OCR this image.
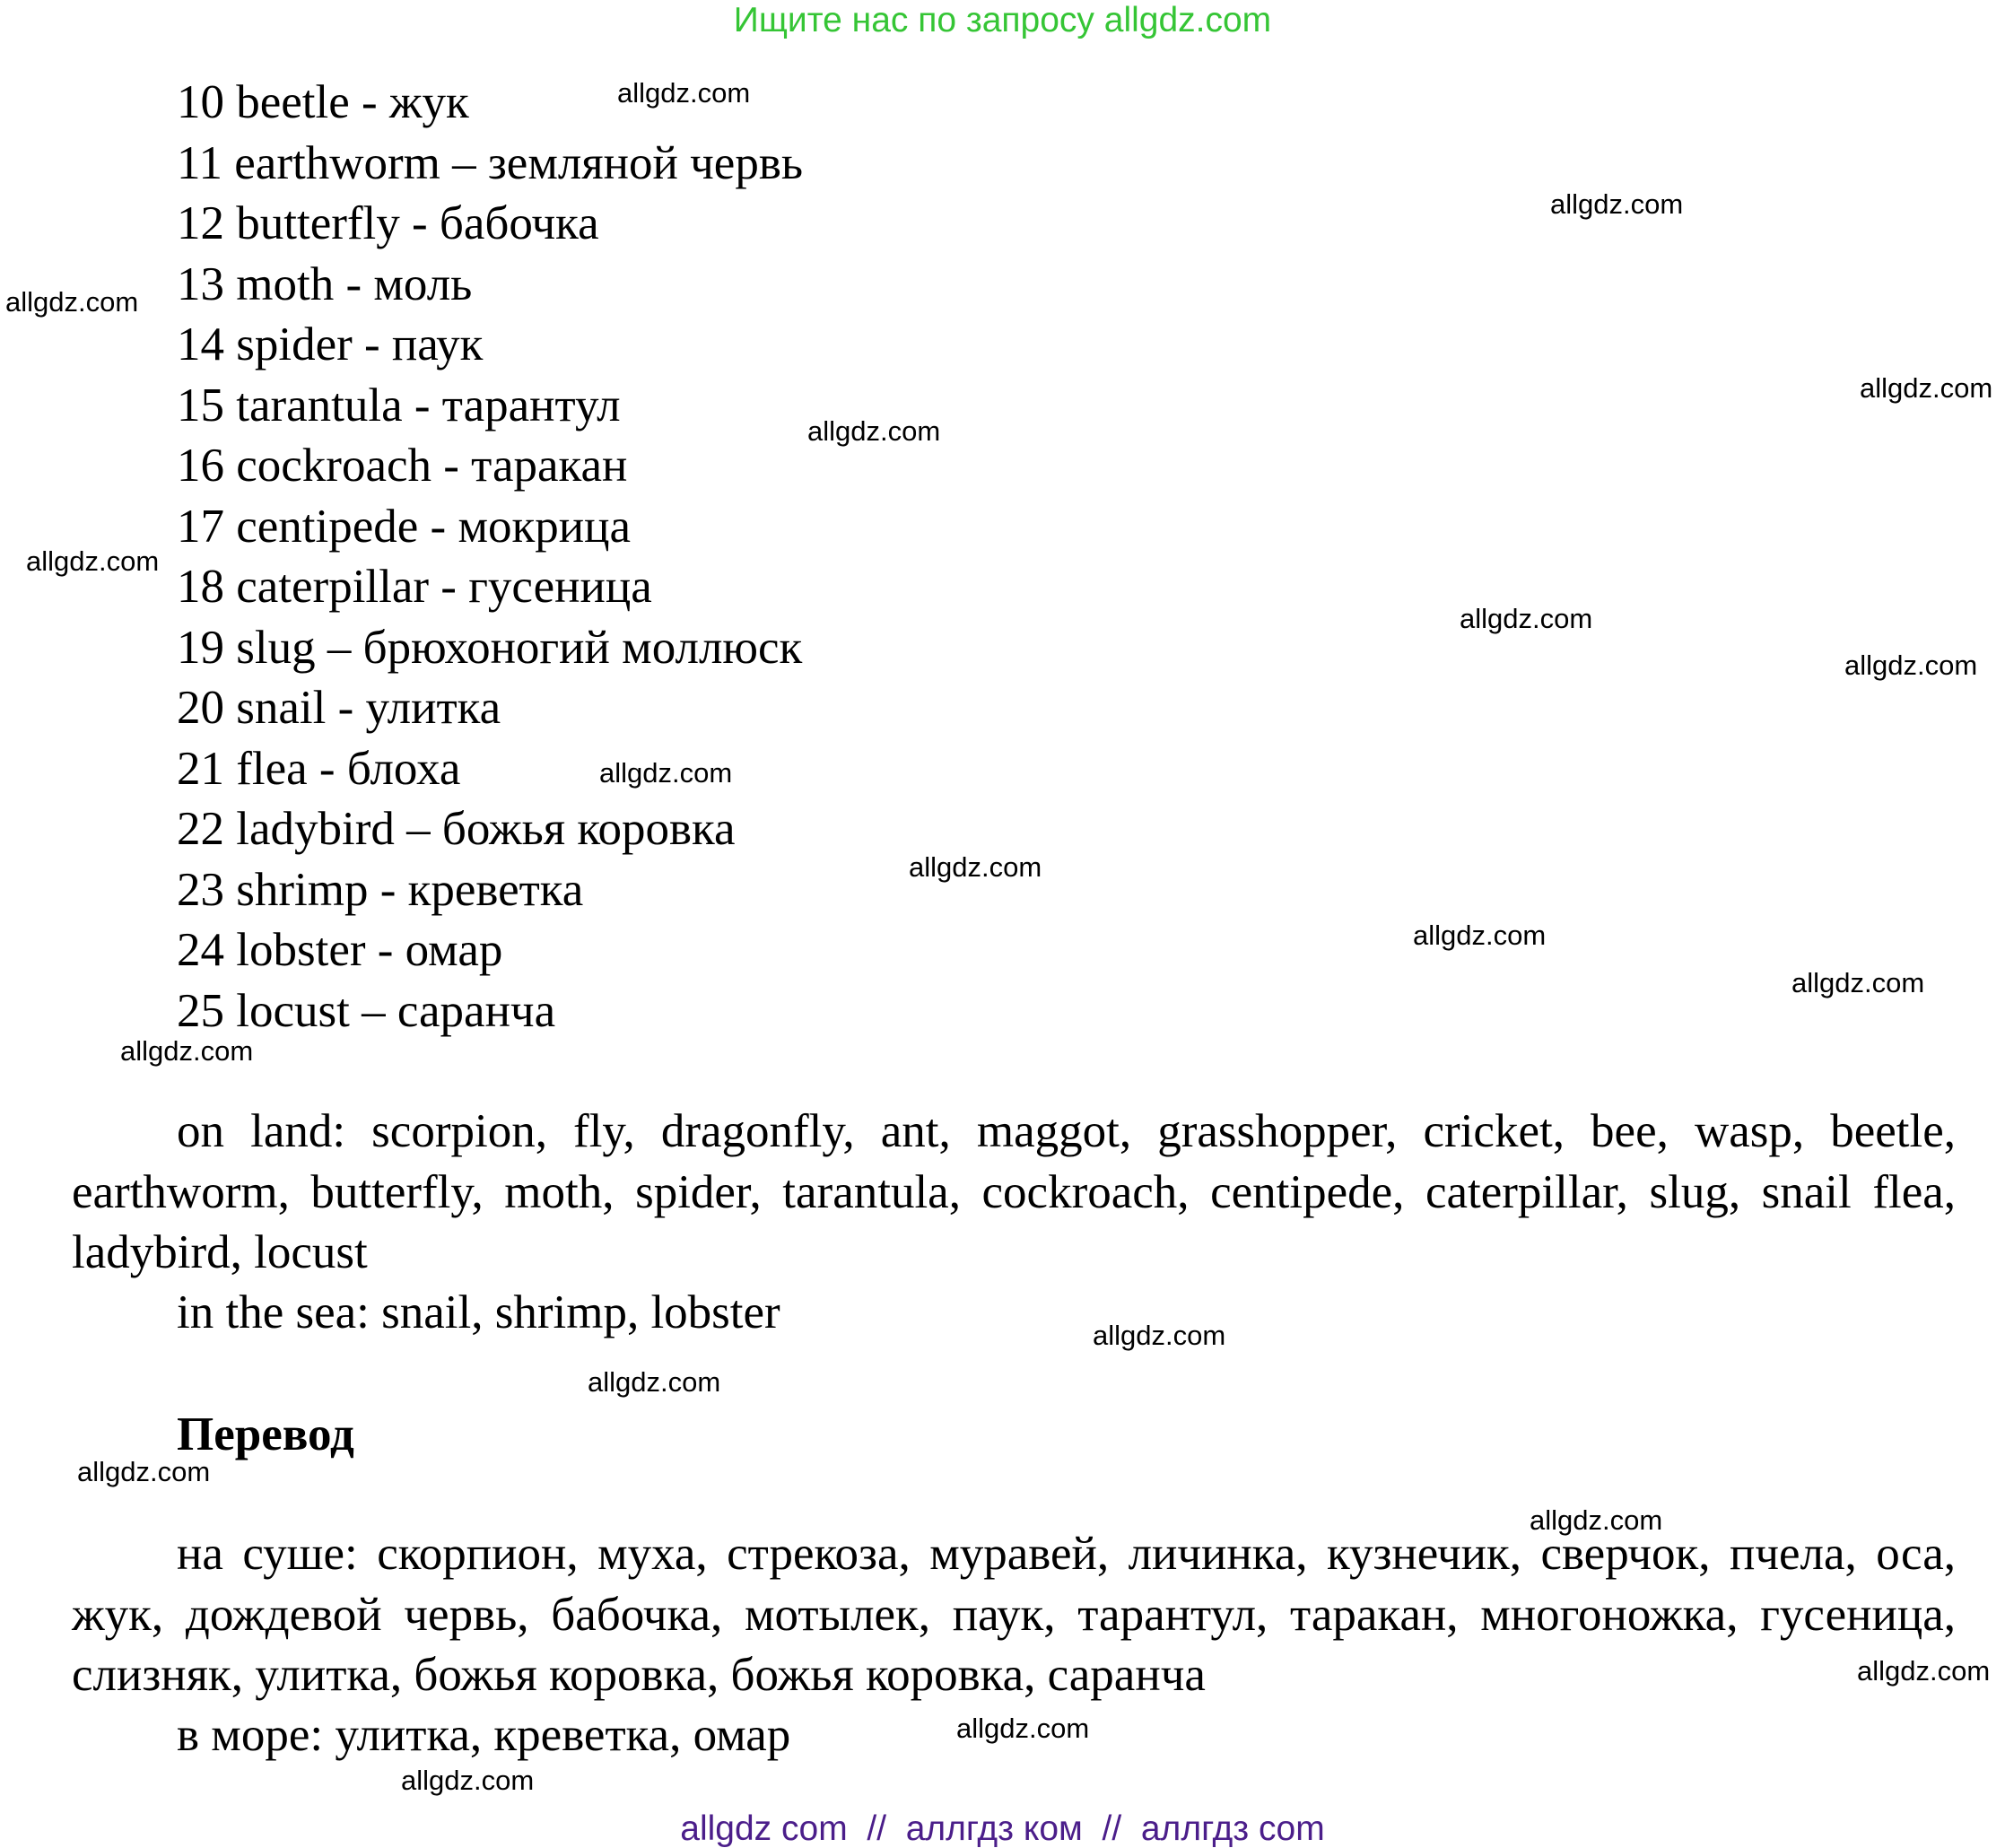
Ищите нас по запросу allgdz.com
10 beetle - жук
11 earthworm – земляной червь
12 butterfly - бабочка
13 moth - моль
14 spider - паук
15 tarantula - тарантул
16 cockroach - таракан
17 centipede - мокрица
18 caterpillar - гусеница
19 slug – брюхоногий моллюск
20 snail - улитка
21 flea - блоха
22 ladybird – божья коровка
23 shrimp - креветка
24 lobster - омар
25 locust – саранча

on land: scorpion, fly, dragonfly, ant, maggot, grasshopper, cricket, bee, wasp, beetle, earthworm, butterfly, moth, spider, tarantula, cockroach, centipede, caterpillar, slug, snail flea, ladybird, locust

in the sea: snail, shrimp, lobster

Перевод

на суше: скорпион, муха, стрекоза, муравей, личинка, кузнечик, сверчок, пчела, оса, жук, дождевой червь, бабочка, мотылек, паук, тарантул, таракан, многоножка, гусеница, слизняк, улитка, божья коровка, божья коровка, саранча

в море: улитка, креветка, омар

allgdz.com
allgdz.com
allgdz.com
allgdz.com
allgdz.com
allgdz.com
allgdz.com
allgdz.com
allgdz.com
allgdz.com
allgdz.com
allgdz.com
allgdz.com
allgdz.com
allgdz.com
allgdz.com
allgdz.com
allgdz.com
allgdz.com
allgdz.com
allgdz com  //  аллгдз ком  //  аллгдз com
